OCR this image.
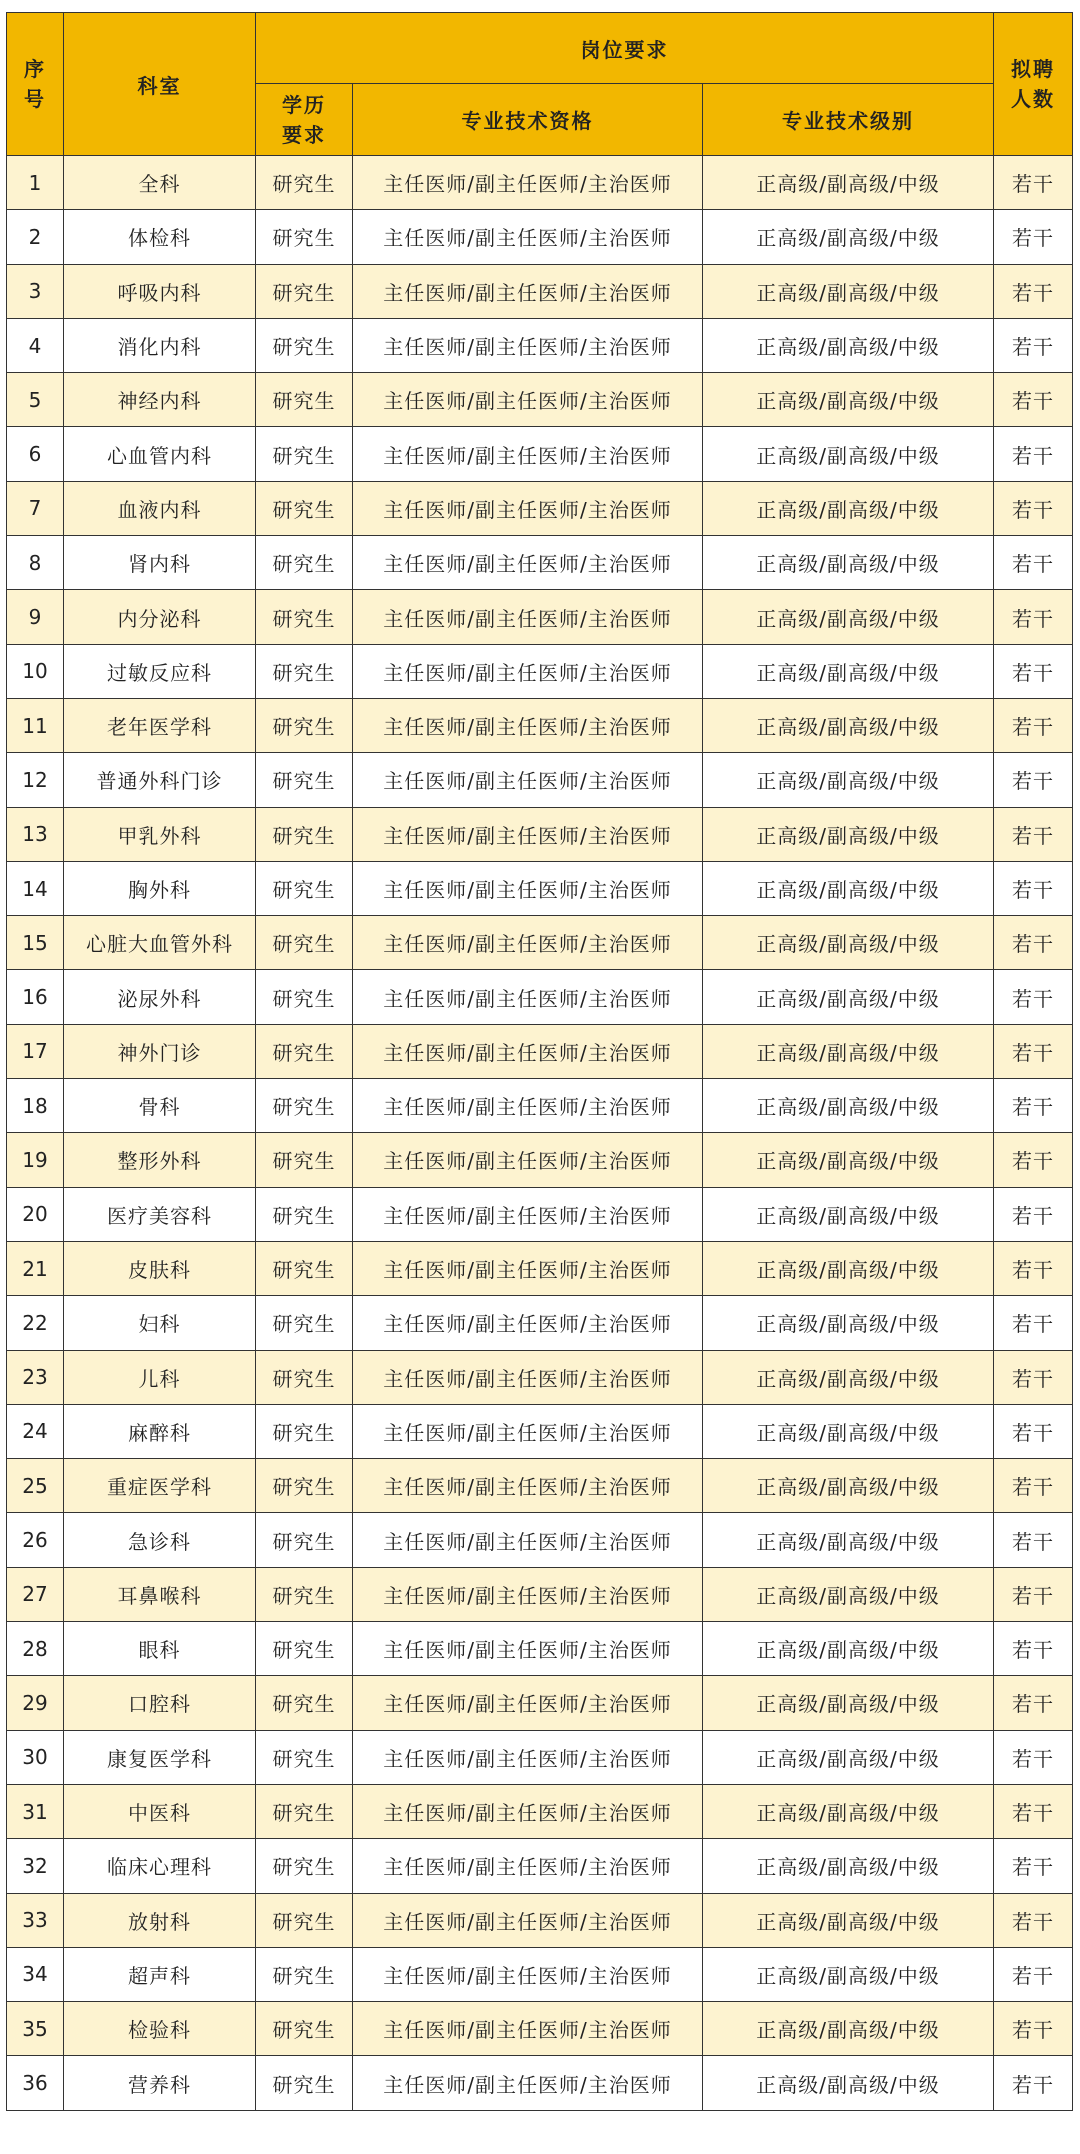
序号	科室	岗位要求			拟聘人数
		学历要求	专业技术资格	专业技术级别	
1	全科	研究生	主任医师/副主任医师/主治医师	正高级/副高级/中级	若干
2	体检科	研究生	主任医师/副主任医师/主治医师	正高级/副高级/中级	若干
3	呼吸内科	研究生	主任医师/副主任医师/主治医师	正高级/副高级/中级	若干
4	消化内科	研究生	主任医师/副主任医师/主治医师	正高级/副高级/中级	若干
5	神经内科	研究生	主任医师/副主任医师/主治医师	正高级/副高级/中级	若干
6	心血管内科	研究生	主任医师/副主任医师/主治医师	正高级/副高级/中级	若干
7	血液内科	研究生	主任医师/副主任医师/主治医师	正高级/副高级/中级	若干
8	肾内科	研究生	主任医师/副主任医师/主治医师	正高级/副高级/中级	若干
9	内分泌科	研究生	主任医师/副主任医师/主治医师	正高级/副高级/中级	若干
10	过敏反应科	研究生	主任医师/副主任医师/主治医师	正高级/副高级/中级	若干
11	老年医学科	研究生	主任医师/副主任医师/主治医师	正高级/副高级/中级	若干
12	普通外科门诊	研究生	主任医师/副主任医师/主治医师	正高级/副高级/中级	若干
13	甲乳外科	研究生	主任医师/副主任医师/主治医师	正高级/副高级/中级	若干
14	胸外科	研究生	主任医师/副主任医师/主治医师	正高级/副高级/中级	若干
15	心脏大血管外科	研究生	主任医师/副主任医师/主治医师	正高级/副高级/中级	若干
16	泌尿外科	研究生	主任医师/副主任医师/主治医师	正高级/副高级/中级	若干
17	神外门诊	研究生	主任医师/副主任医师/主治医师	正高级/副高级/中级	若干
18	骨科	研究生	主任医师/副主任医师/主治医师	正高级/副高级/中级	若干
19	整形外科	研究生	主任医师/副主任医师/主治医师	正高级/副高级/中级	若干
20	医疗美容科	研究生	主任医师/副主任医师/主治医师	正高级/副高级/中级	若干
21	皮肤科	研究生	主任医师/副主任医师/主治医师	正高级/副高级/中级	若干
22	妇科	研究生	主任医师/副主任医师/主治医师	正高级/副高级/中级	若干
23	儿科	研究生	主任医师/副主任医师/主治医师	正高级/副高级/中级	若干
24	麻醉科	研究生	主任医师/副主任医师/主治医师	正高级/副高级/中级	若干
25	重症医学科	研究生	主任医师/副主任医师/主治医师	正高级/副高级/中级	若干
26	急诊科	研究生	主任医师/副主任医师/主治医师	正高级/副高级/中级	若干
27	耳鼻喉科	研究生	主任医师/副主任医师/主治医师	正高级/副高级/中级	若干
28	眼科	研究生	主任医师/副主任医师/主治医师	正高级/副高级/中级	若干
29	口腔科	研究生	主任医师/副主任医师/主治医师	正高级/副高级/中级	若干
30	康复医学科	研究生	主任医师/副主任医师/主治医师	正高级/副高级/中级	若干
31	中医科	研究生	主任医师/副主任医师/主治医师	正高级/副高级/中级	若干
32	临床心理科	研究生	主任医师/副主任医师/主治医师	正高级/副高级/中级	若干
33	放射科	研究生	主任医师/副主任医师/主治医师	正高级/副高级/中级	若干
34	超声科	研究生	主任医师/副主任医师/主治医师	正高级/副高级/中级	若干
35	检验科	研究生	主任医师/副主任医师/主治医师	正高级/副高级/中级	若干
36	营养科	研究生	主任医师/副主任医师/主治医师	正高级/副高级/中级	若干
